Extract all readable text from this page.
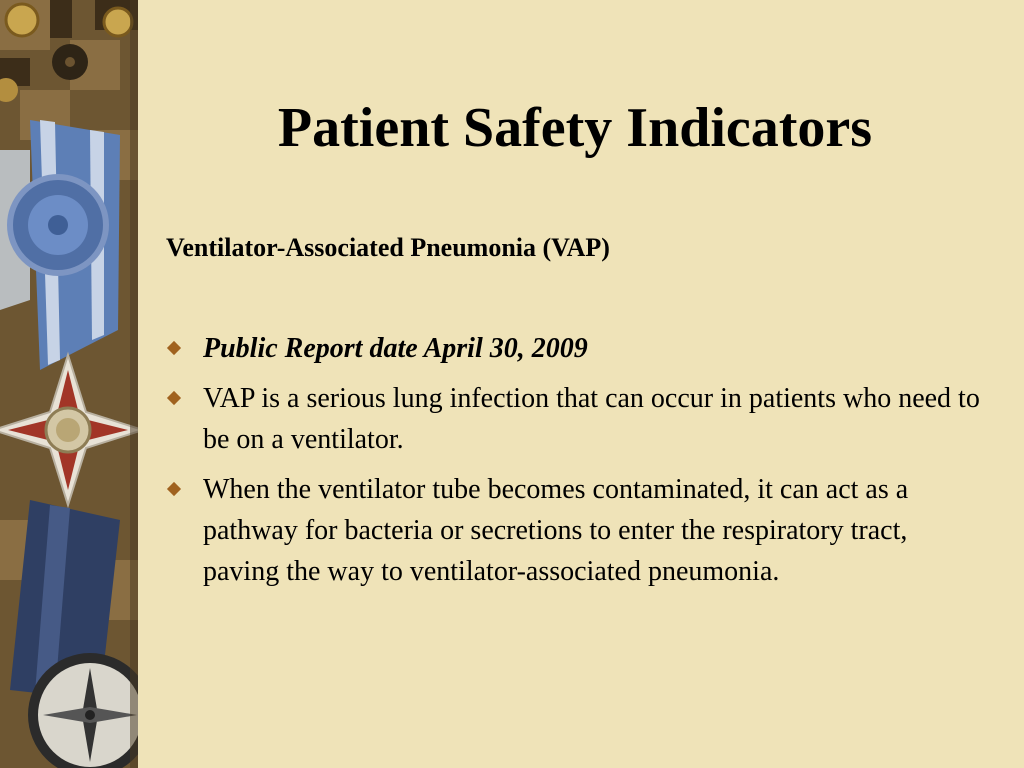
Patient Safety Indicators

Ventilator-Associated Pneumonia (VAP)

Public Report date April 30, 2009
VAP is a serious lung infection that can occur in patients who need to be on a ventilator.
When the ventilator tube becomes contaminated, it can act as a pathway for bacteria or secretions to enter the respiratory tract, paving the way to ventilator-associated pneumonia.
